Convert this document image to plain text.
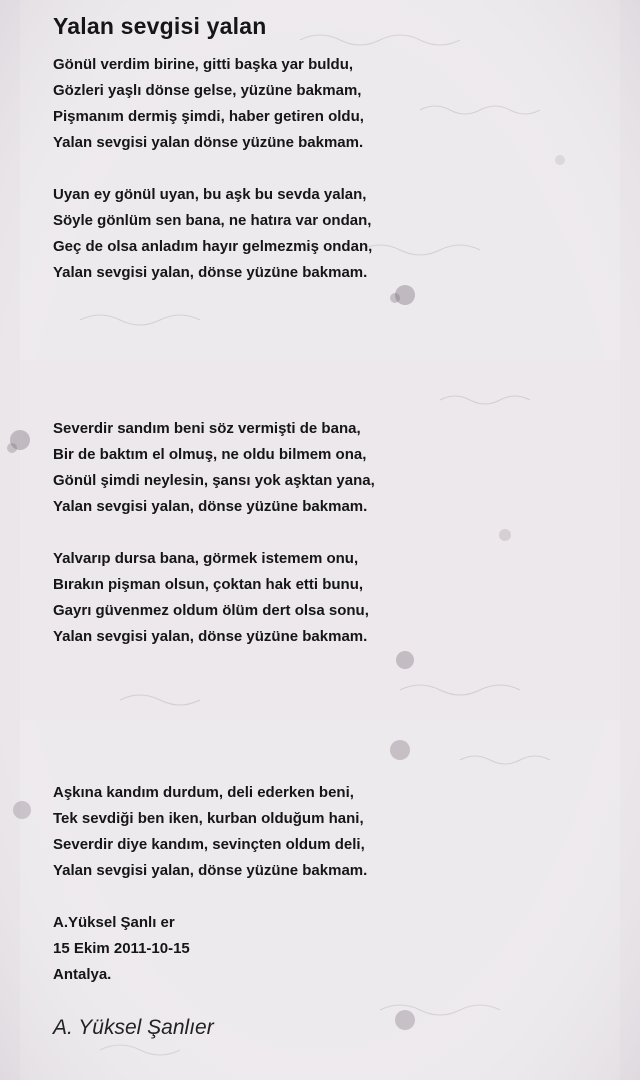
Yalan sevgisi yalan

Gönül verdim birine, gitti başka yar buldu,
Gözleri yaşlı dönse gelse, yüzüne bakmam,
Pişmanım dermiş şimdi, haber getiren oldu,
Yalan sevgisi yalan dönse yüzüne bakmam.

Uyan ey gönül uyan, bu aşk bu sevda yalan,
Söyle gönlüm sen bana, ne hatıra var ondan,
Geç de olsa anladım hayır gelmezmiş ondan,
Yalan sevgisi yalan, dönse yüzüne bakmam.

Severdir sandım beni söz vermişti de bana,
Bir de baktım el olmuş, ne oldu bilmem ona,
Gönül şimdi neylesin, şansı yok aşktan yana,
Yalan sevgisi yalan, dönse yüzüne bakmam.

Yalvarıp dursa bana, görmek istemem onu,
Bırakın pişman olsun, çoktan hak etti bunu,
Gayrı güvenmez oldum ölüm dert olsa sonu,
Yalan sevgisi yalan, dönse yüzüne bakmam.

Aşkına kandım durdum, deli ederken beni,
Tek sevdiği ben iken, kurban olduğum hani,
Severdir diye kandım, sevinçten oldum deli,
Yalan sevgisi yalan, dönse yüzüne bakmam.

A.Yüksel Şanlı er
15 Ekim 2011-10-15
Antalya.

A. Yüksel Şanlıer
